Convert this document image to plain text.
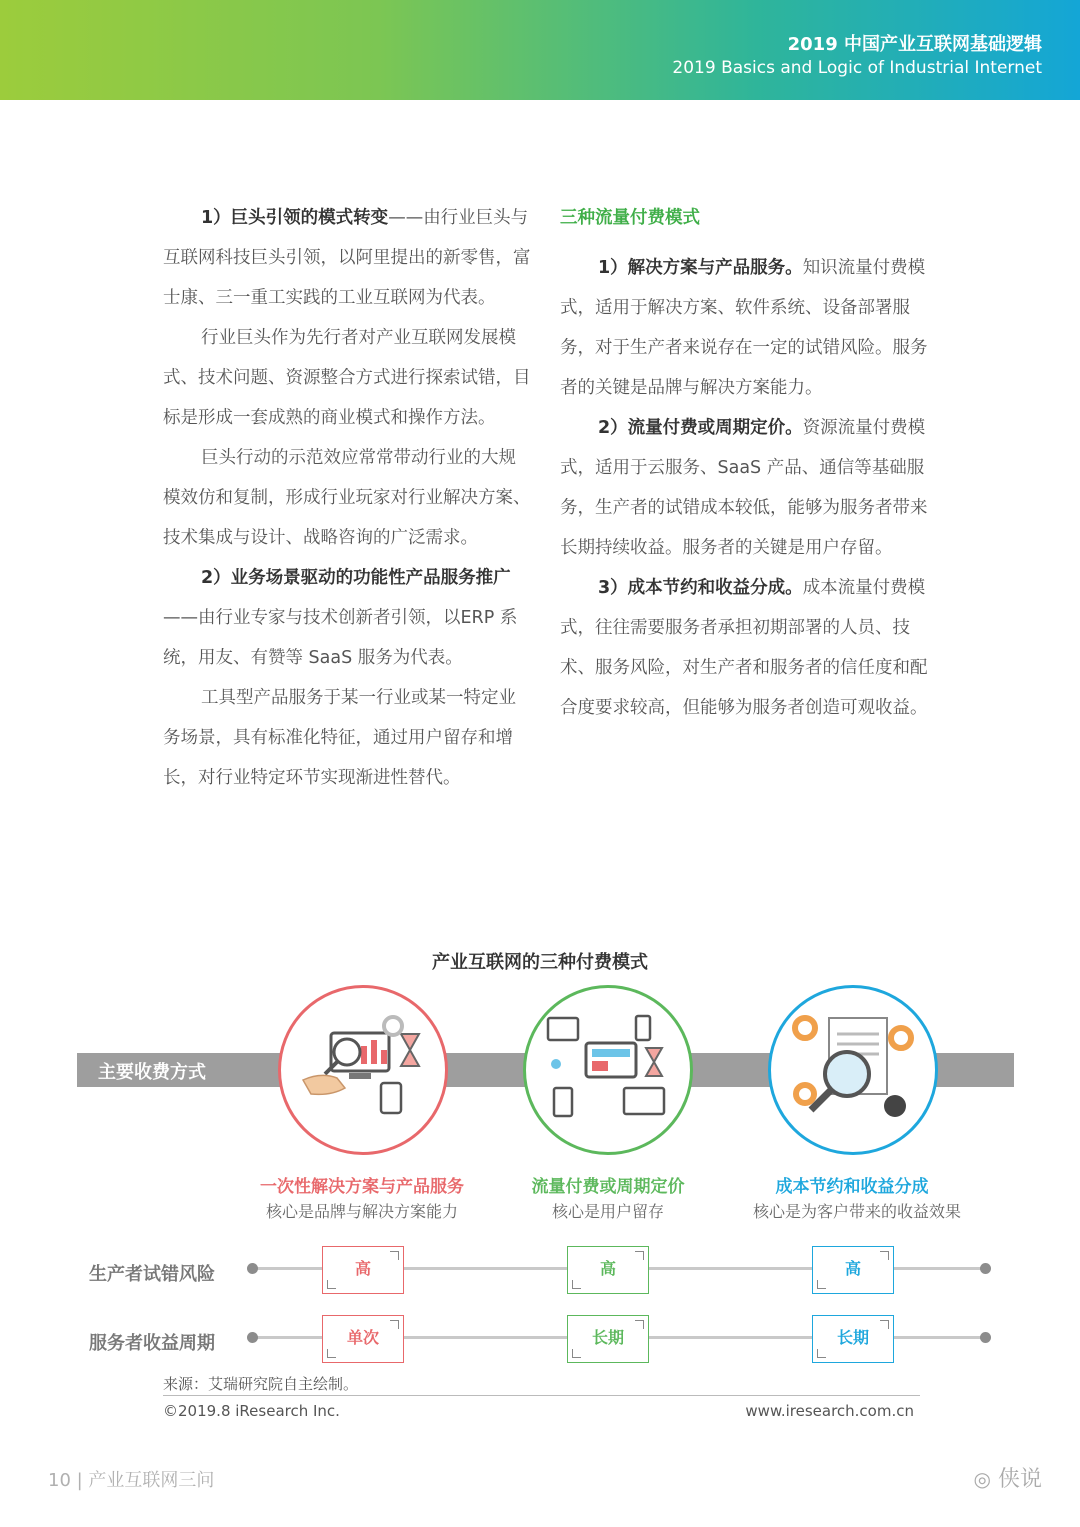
2019 中国产业互联网基础逻辑
2019 Basics and Logic of Industrial Internet

1）巨头引领的模式转变——由行业巨头与互联网科技巨头引领，以阿里提出的新零售，富士康、三一重工实践的工业互联网为代表。

行业巨头作为先行者对产业互联网发展模式、技术问题、资源整合方式进行探索试错，目标是形成一套成熟的商业模式和操作方法。

巨头行动的示范效应常常带动行业的大规模效仿和复制，形成行业玩家对行业解决方案、技术集成与设计、战略咨询的广泛需求。

2）业务场景驱动的功能性产品服务推广——由行业专家与技术创新者引领，以ERP 系统，用友、有赞等 SaaS 服务为代表。

工具型产品服务于某一行业或某一特定业务场景，具有标准化特征，通过用户留存和增长，对行业特定环节实现渐进性替代。

三种流量付费模式

1）解决方案与产品服务。知识流量付费模式，适用于解决方案、软件系统、设备部署服务，对于生产者来说存在一定的试错风险。服务者的关键是品牌与解决方案能力。

2）流量付费或周期定价。资源流量付费模式，适用于云服务、SaaS 产品、通信等基础服务，生产者的试错成本较低，能够为服务者带来长期持续收益。服务者的关键是用户存留。

3）成本节约和收益分成。成本流量付费模式，往往需要服务者承担初期部署的人员、技术、服务风险，对生产者和服务者的信任度和配合度要求较高，但能够为服务者创造可观收益。

产业互联网的三种付费模式
主要收费方式
一次性解决方案与产品服务
核心是品牌与解决方案能力
流量付费或周期定价
核心是用户留存
成本节约和收益分成
核心是为客户带来的收益效果
生产者试错风险	高	高	高
服务者收益周期	单次	长期	长期
来源：艾瑞研究院自主绘制。
©2019.8 iResearch Inc.	www.iresearch.com.cn
10 | 产业互联网三问	◎ 侠说
